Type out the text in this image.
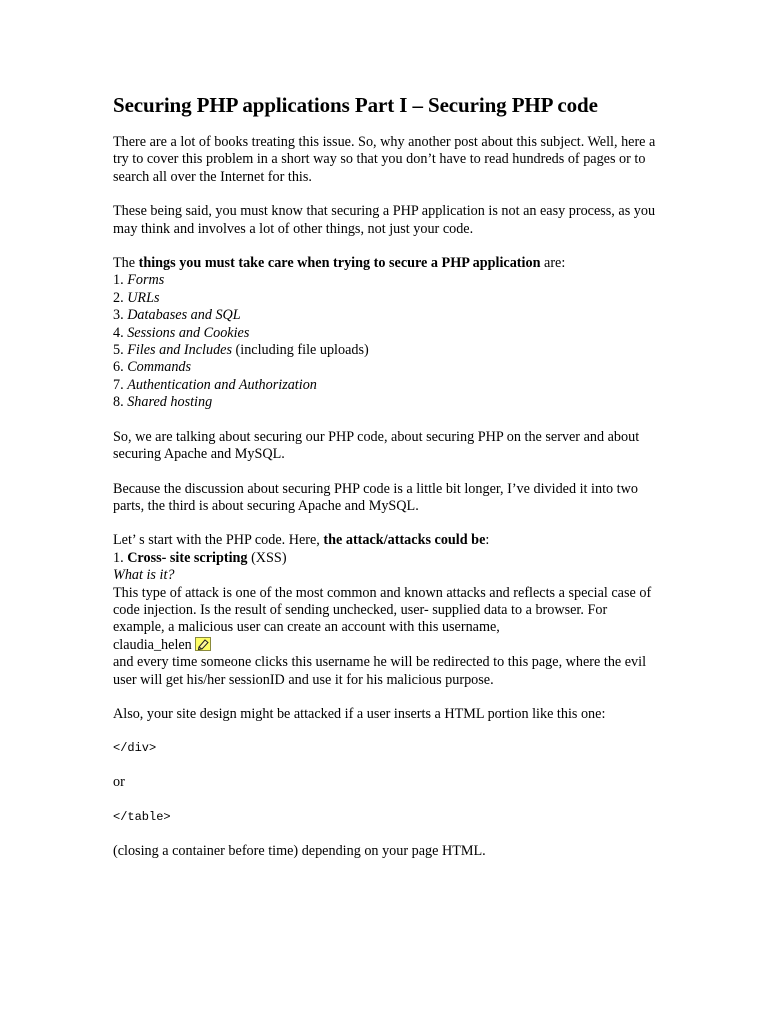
Securing PHP applications Part I – Securing PHP code

There are a lot of books treating this issue. So, why another post about this subject. Well, here a try to cover this problem in a short way so that you don’t have to read hundreds of pages or to search all over the Internet for this.

These being said, you must know that securing a PHP application is not an easy process, as you may think and involves a lot of other things, not just your code.

The things you must take care when trying to secure a PHP application are:
1. Forms
2. URLs
3. Databases and SQL
4. Sessions and Cookies
5. Files and Includes (including file uploads)
6. Commands
7. Authentication and Authorization
8. Shared hosting

So, we are talking about securing our PHP code, about securing PHP on the server and about securing Apache and MySQL.

Because the discussion about securing PHP code is a little bit longer, I’ve divided it into two parts, the third is about securing Apache and MySQL.

Let’ s start with the PHP code. Here, the attack/attacks could be:
1. Cross- site scripting (XSS)
What is it?
This type of attack is one of the most common and known attacks and reflects a special case of code injection. Is the result of sending unchecked, user- supplied data to a browser. For example, a malicious user can create an account with this username,
claudia_helen
and every time someone clicks this username he will be redirected to this page, where the evil user will get his/her sessionID and use it for his malicious purpose.

Also, your site design might be attacked if a user inserts a HTML portion like this one:

</div>

or

</table>

(closing a container before time) depending on your page HTML.
